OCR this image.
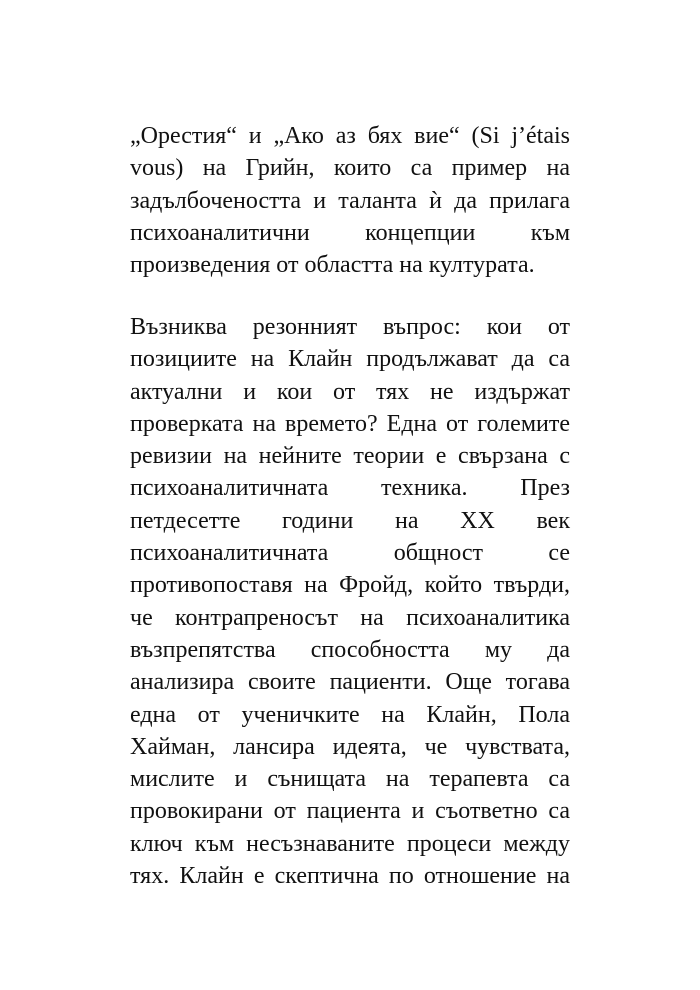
„Орестия“ и „Ако аз бях вие“ (Si j’étais
vous) на Грийн, които са пример на
задълбочеността и таланта ѝ да прилага
психоаналитични концепции към
произведения от областта на културата.
Възниква резонният въпрос: кои от
позициите на Клайн продължават да са
актуални и кои от тях не издържат
проверката на времето? Една от големите
ревизии на нейните теории е свързана с
психоаналитичната техника. През
петдесетте години на XX век
психоаналитичната общност се
противопоставя на Фройд, който твърди,
че контрапреносът на психоаналитика
възпрепятства способността му да
анализира своите пациенти. Още тогава
една от ученичките на Клайн, Пола
Хайман, лансира идеята, че чувствата,
мислите и сънищата на терапевта са
провокирани от пациента и съответно са
ключ към несъзнаваните процеси между
тях. Клайн е скептична по отношение на
